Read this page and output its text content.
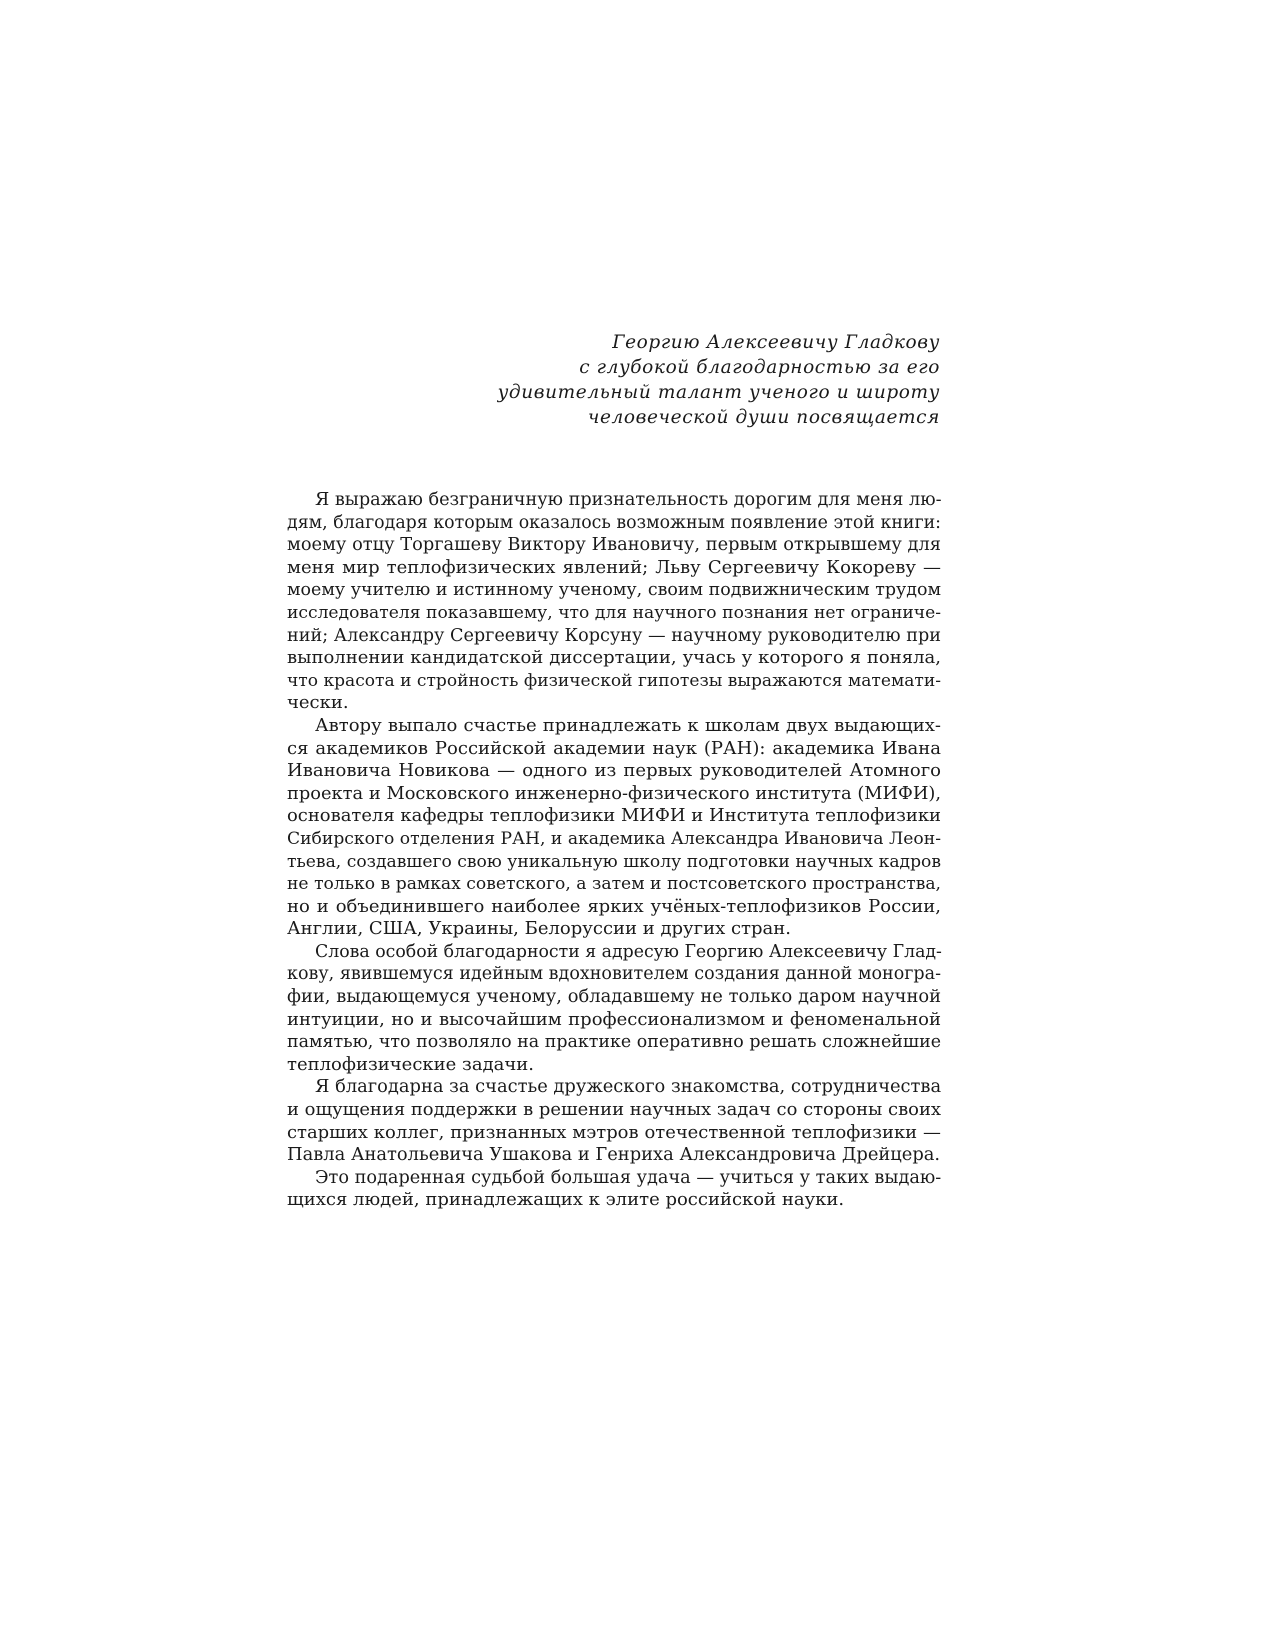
Георгию Алексеевичу Гладкову
с глубокой благодарностью за его
удивительный талант ученого и широту
человеческой души посвящается

Я выражаю безграничную признательность дорогим для меня лю-
дям, благодаря которым оказалось возможным появление этой книги:
моему отцу Торгашеву Виктору Ивановичу, первым открывшему для
меня мир теплофизических явлений; Льву Сергеевичу Кокореву —
моему учителю и истинному ученому, своим подвижническим трудом
исследователя показавшему, что для научного познания нет ограниче-
ний; Александру Сергеевичу Корсуну — научному руководителю при
выполнении кандидатской диссертации, учась у которого я поняла,
что красота и стройность физической гипотезы выражаются математи-
чески.

Автору выпало счастье принадлежать к школам двух выдающих-
ся академиков Российской академии наук (РАН): академика Ивана
Ивановича Новикова — одного из первых руководителей Атомного
проекта и Московского инженерно-физического института (МИФИ),
основателя кафедры теплофизики МИФИ и Института теплофизики
Сибирского отделения РАН, и академика Александра Ивановича Леон-
тьева, создавшего свою уникальную школу подготовки научных кадров
не только в рамках советского, а затем и постсоветского пространства,
но и объединившего наиболее ярких учёных-теплофизиков России,
Англии, США, Украины, Белоруссии и других стран.

Слова особой благодарности я адресую Георгию Алексеевичу Глад-
кову, явившемуся идейным вдохновителем создания данной моногра-
фии, выдающемуся ученому, обладавшему не только даром научной
интуиции, но и высочайшим профессионализмом и феноменальной
памятью, что позволяло на практике оперативно решать сложнейшие
теплофизические задачи.

Я благодарна за счастье дружеского знакомства, сотрудничества
и ощущения поддержки в решении научных задач со стороны своих
старших коллег, признанных мэтров отечественной теплофизики —
Павла Анатольевича Ушакова и Генриха Александровича Дрейцера.

Это подаренная судьбой большая удача — учиться у таких выдаю-
щихся людей, принадлежащих к элите российской науки.
